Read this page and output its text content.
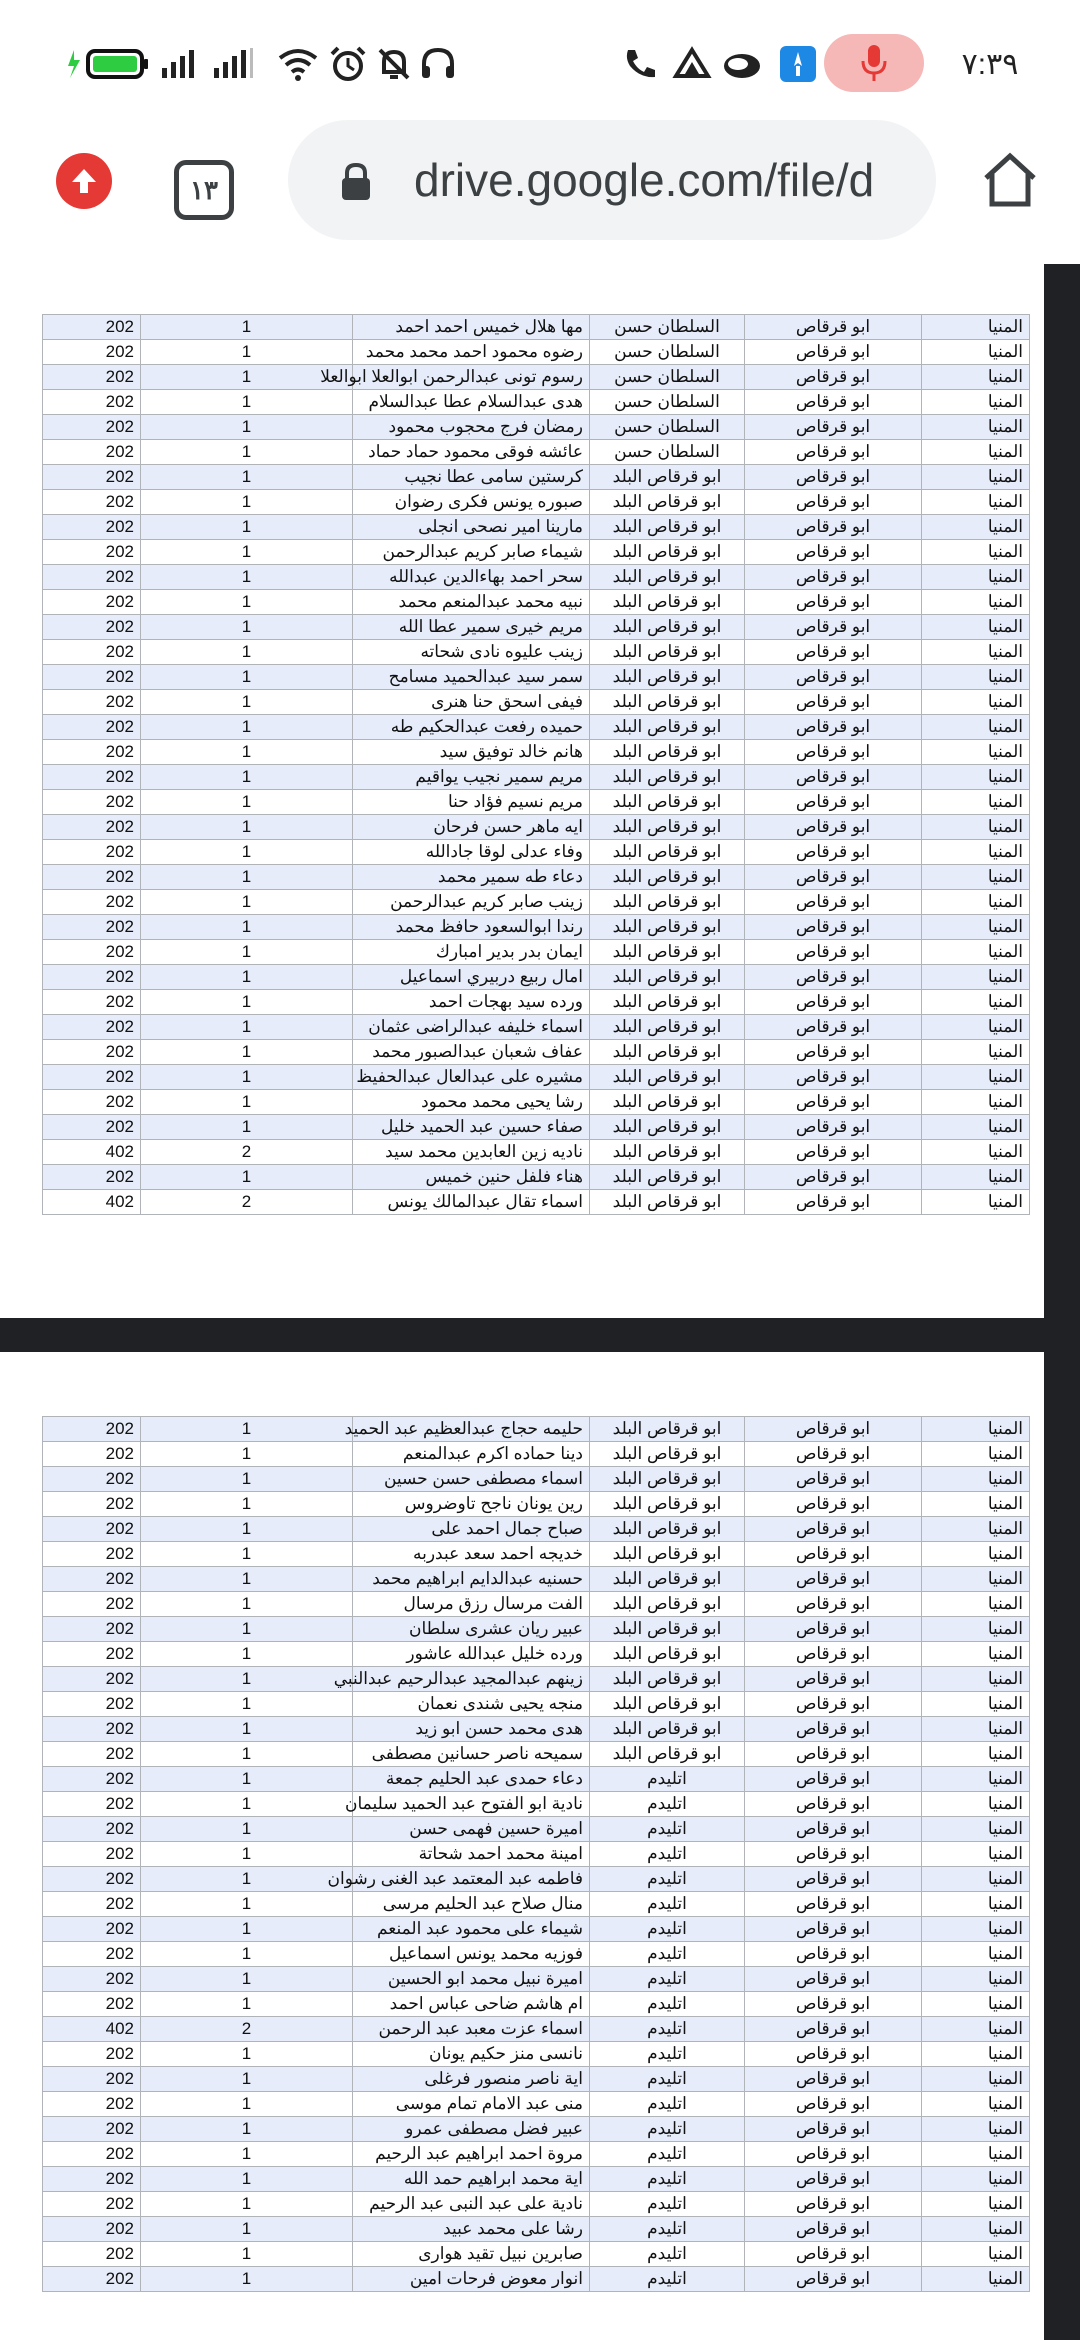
٧:٣٩
١٣	drive.google.com/file/d
202	1	مها هلال خميس احمد احمد	السلطان حسن	ابو قرقاص	المنيا
202	1	رضوه محمود احمد محمد محمد	السلطان حسن	ابو قرقاص	المنيا
202	1	رسوم تونى عبدالرحمن ابوالعلا ابوالعلا	السلطان حسن	ابو قرقاص	المنيا
202	1	هدى عبدالسلام عطا عبدالسلام	السلطان حسن	ابو قرقاص	المنيا
202	1	رمضان فرج محجوب محمود	السلطان حسن	ابو قرقاص	المنيا
202	1	عائشه فوقى محمود حماد حماد	السلطان حسن	ابو قرقاص	المنيا
202	1	كرستين سامى عطا نجيب	ابو قرقاص البلد	ابو قرقاص	المنيا
202	1	صبوره يونس فكرى رضوان	ابو قرقاص البلد	ابو قرقاص	المنيا
202	1	مارينا امير نصحى انجلى	ابو قرقاص البلد	ابو قرقاص	المنيا
202	1	شيماء صابر كريم عبدالرحمن	ابو قرقاص البلد	ابو قرقاص	المنيا
202	1	سحر احمد بهاءالدين عبدالله	ابو قرقاص البلد	ابو قرقاص	المنيا
202	1	نبيه محمد عبدالمنعم محمد	ابو قرقاص البلد	ابو قرقاص	المنيا
202	1	مريم خيرى سمير عطا الله	ابو قرقاص البلد	ابو قرقاص	المنيا
202	1	زينب عليوه نادى شحاته	ابو قرقاص البلد	ابو قرقاص	المنيا
202	1	سمر سيد عبدالحميد مسامح	ابو قرقاص البلد	ابو قرقاص	المنيا
202	1	فيفى اسحق حنا هنرى	ابو قرقاص البلد	ابو قرقاص	المنيا
202	1	حميده رفعت عبدالحكيم طه	ابو قرقاص البلد	ابو قرقاص	المنيا
202	1	هانم خالد توفيق سيد	ابو قرقاص البلد	ابو قرقاص	المنيا
202	1	مريم سمير نجيب يواقيم	ابو قرقاص البلد	ابو قرقاص	المنيا
202	1	مريم نسيم فؤاد حنا	ابو قرقاص البلد	ابو قرقاص	المنيا
202	1	ايه ماهر حسن فرحان	ابو قرقاص البلد	ابو قرقاص	المنيا
202	1	وفاء عدلى لوقا جادالله	ابو قرقاص البلد	ابو قرقاص	المنيا
202	1	دعاء طه سمير محمد	ابو قرقاص البلد	ابو قرقاص	المنيا
202	1	زينب صابر كريم عبدالرحمن	ابو قرقاص البلد	ابو قرقاص	المنيا
202	1	رندا ابوالسعود حافظ محمد	ابو قرقاص البلد	ابو قرقاص	المنيا
202	1	ايمان بدر بدير امبارك	ابو قرقاص البلد	ابو قرقاص	المنيا
202	1	امال ربيع دربيري اسماعيل	ابو قرقاص البلد	ابو قرقاص	المنيا
202	1	ورده سيد بهجات احمد	ابو قرقاص البلد	ابو قرقاص	المنيا
202	1	اسماء خليفه عبدالراضى عثمان	ابو قرقاص البلد	ابو قرقاص	المنيا
202	1	عفاف شعبان عبدالصبور محمد	ابو قرقاص البلد	ابو قرقاص	المنيا
202	1	مشيره على عبدالعال عبدالحفيظ	ابو قرقاص البلد	ابو قرقاص	المنيا
202	1	رشا يحيى محمد محمود	ابو قرقاص البلد	ابو قرقاص	المنيا
202	1	صفاء حسين عبد الحميد خليل	ابو قرقاص البلد	ابو قرقاص	المنيا
402	2	ناديه زين العابدين محمد سيد	ابو قرقاص البلد	ابو قرقاص	المنيا
202	1	هناء فلفل حنين خميس	ابو قرقاص البلد	ابو قرقاص	المنيا
402	2	اسماء تقال عبدالمالك يونس	ابو قرقاص البلد	ابو قرقاص	المنيا
202	1	حليمه حجاج عبدالعظيم عبد الحميد	ابو قرقاص البلد	ابو قرقاص	المنيا
202	1	دينا حماده اكرم عبدالمنعم	ابو قرقاص البلد	ابو قرقاص	المنيا
202	1	اسماء مصطفى حسن حسين	ابو قرقاص البلد	ابو قرقاص	المنيا
202	1	رين يونان ناجح تاوضروس	ابو قرقاص البلد	ابو قرقاص	المنيا
202	1	صباح جمال احمد على	ابو قرقاص البلد	ابو قرقاص	المنيا
202	1	خديجه احمد سعد عبدربه	ابو قرقاص البلد	ابو قرقاص	المنيا
202	1	حسنيه عبدالدايم ابراهيم محمد	ابو قرقاص البلد	ابو قرقاص	المنيا
202	1	الفت مرسال رزق مرسال	ابو قرقاص البلد	ابو قرقاص	المنيا
202	1	عبير ريان عشرى سلطان	ابو قرقاص البلد	ابو قرقاص	المنيا
202	1	ورده خليل عبدالله عاشور	ابو قرقاص البلد	ابو قرقاص	المنيا
202	1	زينهم عبدالمجيد عبدالرحيم عبدالنبي	ابو قرقاص البلد	ابو قرقاص	المنيا
202	1	منجه يحيى شندى نعمان	ابو قرقاص البلد	ابو قرقاص	المنيا
202	1	هدى محمد حسن ابو زيد	ابو قرقاص البلد	ابو قرقاص	المنيا
202	1	سميحه ناصر حسانين مصطفى	ابو قرقاص البلد	ابو قرقاص	المنيا
202	1	دعاء حمدى عبد الحليم جمعة	اتليدم	ابو قرقاص	المنيا
202	1	نادية ابو الفتوح عبد الحميد سليمان	اتليدم	ابو قرقاص	المنيا
202	1	اميرة حسين فهمى حسن	اتليدم	ابو قرقاص	المنيا
202	1	امينة محمد احمد شحاتة	اتليدم	ابو قرقاص	المنيا
202	1	فاطمه عبد المعتمد عبد الغنى رشوان	اتليدم	ابو قرقاص	المنيا
202	1	منال صلاح عبد الحليم مرسى	اتليدم	ابو قرقاص	المنيا
202	1	شيماء على محمود عبد المنعم	اتليدم	ابو قرقاص	المنيا
202	1	فوزيه محمد يونس اسماعيل	اتليدم	ابو قرقاص	المنيا
202	1	اميرة نبيل محمد ابو الحسين	اتليدم	ابو قرقاص	المنيا
202	1	ام هاشم ضاحى عباس احمد	اتليدم	ابو قرقاص	المنيا
402	2	اسماء عزت معبد عبد الرحمن	اتليدم	ابو قرقاص	المنيا
202	1	نانسى منز حكيم يونان	اتليدم	ابو قرقاص	المنيا
202	1	اية ناصر منصور فرغلى	اتليدم	ابو قرقاص	المنيا
202	1	منى عبد الامام تمام موسى	اتليدم	ابو قرقاص	المنيا
202	1	عبير فضل مصطفى عمرو	اتليدم	ابو قرقاص	المنيا
202	1	مروة احمد ابراهيم عبد الرحيم	اتليدم	ابو قرقاص	المنيا
202	1	اية محمد ابراهيم حمد الله	اتليدم	ابو قرقاص	المنيا
202	1	نادية على عبد النبى عبد الرحيم	اتليدم	ابو قرقاص	المنيا
202	1	رشا على محمد عبيد	اتليدم	ابو قرقاص	المنيا
202	1	صابرين نبيل تقيد هوارى	اتليدم	ابو قرقاص	المنيا
202	1	انوار معوض فرحات امين	اتليدم	ابو قرقاص	المنيا
